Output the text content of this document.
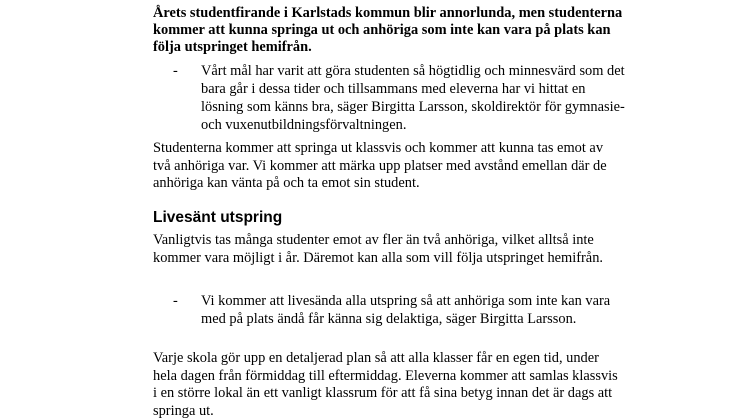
Årets studentfirande i Karlstads kommun blir annorlunda, men studenterna kommer att kunna springa ut och anhöriga som inte kan vara på plats kan följa utspringet hemifrån.

- Vårt mål har varit att göra studenten så högtidlig och minnesvärd som det bara går i dessa tider och tillsammans med eleverna har vi hittat en lösning som känns bra, säger Birgitta Larsson, skoldirektör för gymnasie- och vuxenutbildningsförvaltningen.

Studenterna kommer att springa ut klassvis och kommer att kunna tas emot av två anhöriga var. Vi kommer att märka upp platser med avstånd emellan där de anhöriga kan vänta på och ta emot sin student.

Livesänt utspring

Vanligtvis tas många studenter emot av fler än två anhöriga, vilket alltså inte kommer vara möjligt i år. Däremot kan alla som vill följa utspringet hemifrån.

- Vi kommer att livesända alla utspring så att anhöriga som inte kan vara med på plats ändå får känna sig delaktiga, säger Birgitta Larsson.

Varje skola gör upp en detaljerad plan så att alla klasser får en egen tid, under hela dagen från förmiddag till eftermiddag. Eleverna kommer att samlas klassvis i en större lokal än ett vanligt klassrum för att få sina betyg innan det är dags att springa ut.
